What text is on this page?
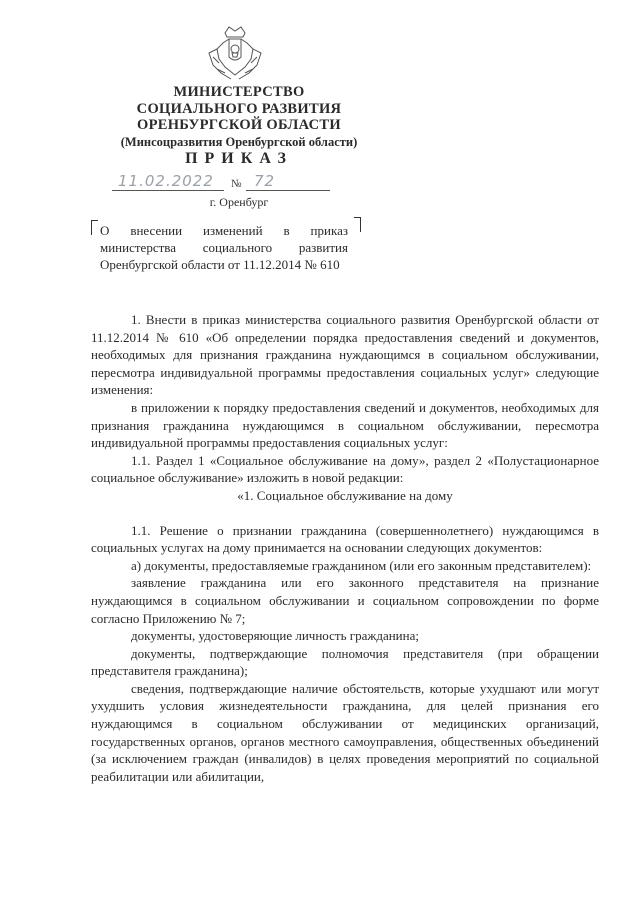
МИНИСТЕРСТВО
СОЦИАЛЬНОГО РАЗВИТИЯ
ОРЕНБУРГСКОЙ ОБЛАСТИ
(Минсоцразвития Оренбургской области)
ПРИКАЗ
11.02.2022 № 72
г. Оренбург
О внесении изменений в приказ министерства социального развития Оренбургской области от 11.12.2014 № 610

1. Внести в приказ министерства социального развития Оренбургской области от 11.12.2014 № 610 «Об определении порядка предоставления сведений и документов, необходимых для признания гражданина нуждающимся в социальном обслуживании, пересмотра индивидуальной программы предоставления социальных услуг» следующие изменения:

в приложении к порядку предоставления сведений и документов, необходимых для признания гражданина нуждающимся в социальном обслуживании, пересмотра индивидуальной программы предоставления социальных услуг:

1.1. Раздел 1 «Социальное обслуживание на дому», раздел 2 «Полустационарное социальное обслуживание» изложить в новой редакции:

«1. Социальное обслуживание на дому

1.1. Решение о признании гражданина (совершеннолетнего) нуждающимся в социальных услугах на дому принимается на основании следующих документов:

а) документы, предоставляемые гражданином (или его законным представителем):

заявление гражданина или его законного представителя на признание нуждающимся в социальном обслуживании и социальном сопровождении по форме согласно Приложению № 7;

документы, удостоверяющие личность гражданина;

документы, подтверждающие полномочия представителя (при обращении представителя гражданина);

сведения, подтверждающие наличие обстоятельств, которые ухудшают или могут ухудшить условия жизнедеятельности гражданина, для целей признания его нуждающимся в социальном обслуживании от медицинских организаций, государственных органов, органов местного самоуправления, общественных объединений (за исключением граждан (инвалидов) в целях проведения мероприятий по социальной реабилитации или абилитации,
